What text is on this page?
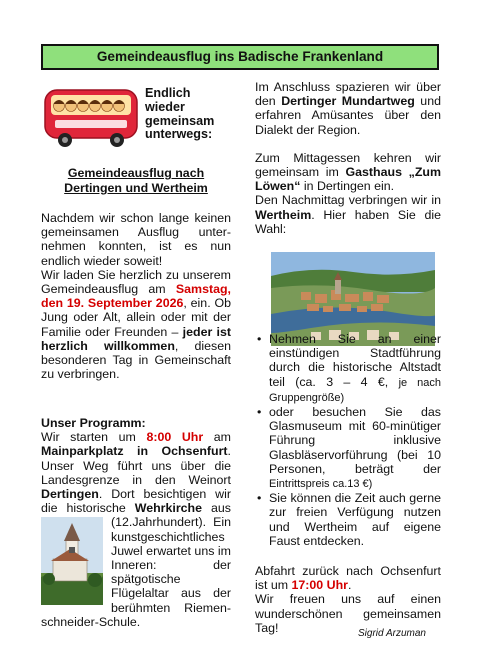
Gemeindeausflug ins Badische Frankenland
Endlich
wieder
gemeinsam
unterwegs:
Gemeindeausflug nach
Dertingen und Wertheim

Nachdem wir schon lange keinen gemeinsamen Ausflug unter- nehmen konnten, ist es nun endlich wieder soweit!

Wir laden Sie herzlich zu unserem Gemeindeausflug am Samstag, den 19. September 2026, ein. Ob Jung oder Alt, allein oder mit der Familie oder Freunden – jeder ist herzlich willkommen, diesen besonderen Tag in Gemeinschaft zu verbringen.

Unser Programm:

Wir starten um 8:00 Uhr am Mainparkplatz in Ochsenfurt. Unser Weg führt uns über die Landesgrenze in den Weinort Dertingen. Dort besichtigen wir die historische Wehrkirche
aus (12.Jahrhundert). Ein kunstgeschichtliches Juwel erwartet uns im Inneren: der spätgotische Flügelaltar aus der berühmten Riemen- schneider-Schule.

Im Anschluss spazieren wir über den Dertinger Mundartweg und erfahren Amüsantes über den Dialekt der Region.

Zum Mittagessen kehren wir gemeinsam im Gasthaus „Zum Löwen“ in Dertingen ein.

Den Nachmittag verbringen wir in Wertheim. Hier haben Sie die Wahl:

• Nehmen Sie an einer einstündigen Stadtführung durch die historische Altstadt teil (ca. 3 – 4 €, je nach Gruppengröße)
• oder besuchen Sie das Glasmuseum mit 60-minütiger Führung inklusive Glasbläservorführung (bei 10 Personen, beträgt der Eintrittspreis ca.13 €)
• Sie können die Zeit auch gerne zur freien Verfügung nutzen und Wertheim auf eigene Faust entdecken.

Abfahrt zurück nach Ochsenfurt ist um 17:00 Uhr.

Wir freuen uns auf einen wunderschönen gemeinsamen Tag!	Sigrid Arzuman
